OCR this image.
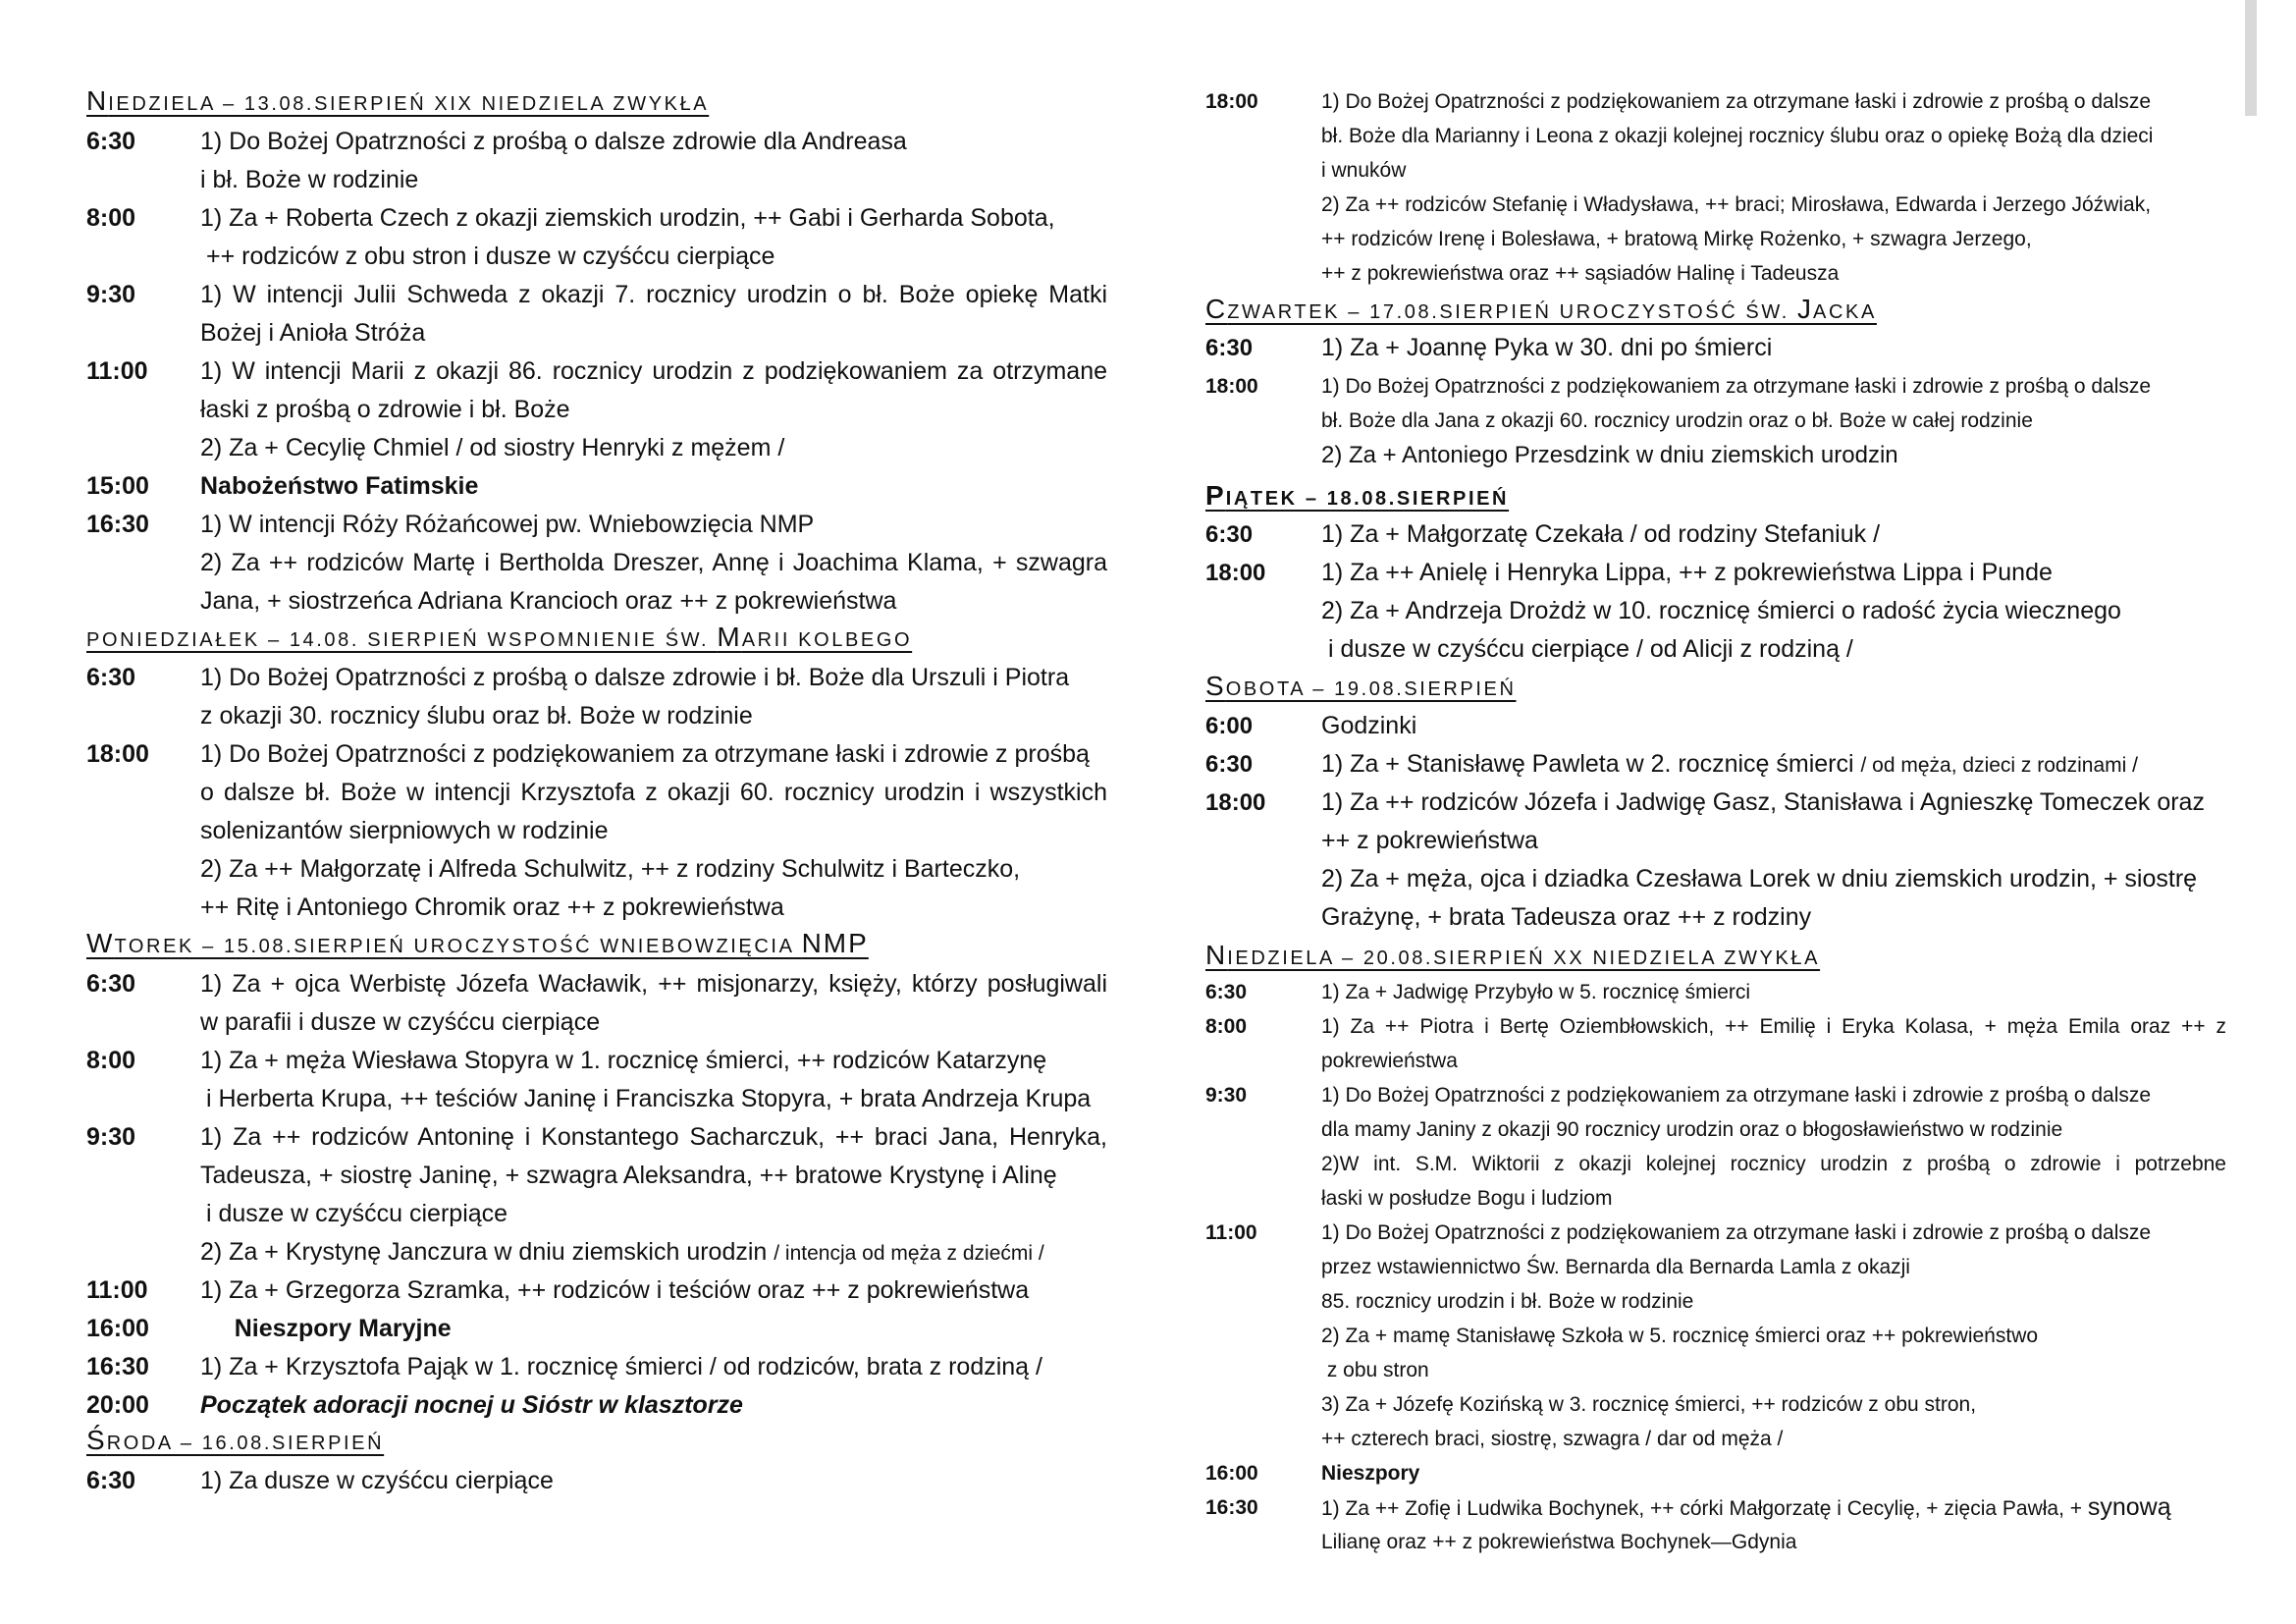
NIEDZIELA – 13.08.SIERPIEŃ XIX NIEDZIELA ZWYKŁA
6:30	1) Do Bożej Opatrzności z prośbą o dalsze zdrowie dla Andreasa
i bł. Boże w rodzinie
8:00	1) Za + Roberta Czech z okazji ziemskich urodzin, ++ Gabi i Gerharda Sobota,
++ rodziców z obu stron i dusze w czyśćcu cierpiące
9:30	1) W intencji Julii Schweda z okazji 7. rocznicy urodzin o bł. Boże opiekę Matki
Bożej i Anioła Stróża
11:00 1) W intencji Marii z okazji 86. rocznicy urodzin z podziękowaniem za otrzymane
łaski z prośbą o zdrowie i bł. Boże
2) Za + Cecylię Chmiel / od siostry Henryki z mężem /
15:00 Nabożeństwo Fatimskie
16:30 1) W intencji Róży Różańcowej pw. Wniebowzięcia NMP
2) Za ++ rodziców Martę i Bertholda Dreszer, Annę i Joachima Klama, + szwagra
Jana, + siostrzeńca Adriana Krancioch oraz ++ z pokrewieństwa
PONIEDZIAŁEK – 14.08. SIERPIEŃ WSPOMNIENIE ŚW. MARII KOLBEGO
6:30	1) Do Bożej Opatrzności z prośbą o dalsze zdrowie i bł. Boże dla Urszuli i Piotra
z okazji 30. rocznicy ślubu oraz bł. Boże w rodzinie
18:00 1) Do Bożej Opatrzności z podziękowaniem za otrzymane łaski i zdrowie z prośbą
o dalsze bł. Boże w intencji Krzysztofa z okazji 60. rocznicy urodzin i wszystkich
solenizantów sierpniowych w rodzinie
2) Za ++ Małgorzatę i Alfreda Schulwitz, ++ z rodziny Schulwitz i Barteczko,
++ Ritę i Antoniego Chromik oraz ++ z pokrewieństwa
WTOREK – 15.08.SIERPIEŃ UROCZYSTOŚĆ WNIEBOWZIĘCIA NMP
6:30	1) Za + ojca Werbistę Józefa Wacławik, ++ misjonarzy, księży, którzy posługiwali
w parafii i dusze w czyśćcu cierpiące
8:00	1) Za + męża Wiesława Stopyra w 1. rocznicę śmierci, ++ rodziców Katarzynę
i Herberta Krupa, ++ teściów Janinę i Franciszka Stopyra, + brata Andrzeja Krupa
9:30	1) Za ++ rodziców Antoninę i Konstantego Sacharczuk, ++ braci Jana, Henryka,
Tadeusza, + siostrę Janinę, + szwagra Aleksandra, ++ bratowe Krystynę i Alinę
i dusze w czyśćcu cierpiące
2) Za + Krystynę Janczura w dniu ziemskich urodzin / intencja od męża z dziećmi /
11:00 1) Za + Grzegorza Szramka, ++ rodziców i teściów oraz ++ z pokrewieństwa
16:00 Nieszpory Maryjne
16:30 1) Za + Krzysztofa Pająk w 1. rocznicę śmierci / od rodziców, brata z rodziną /
20:00 Początek adoracji nocnej u Sióstr w klasztorze
ŚRODA – 16.08.SIERPIEŃ
6:30	1) Za dusze w czyśćcu cierpiące
18:00	1) Do Bożej Opatrzności z podziękowaniem za otrzymane łaski i zdrowie z prośbą o dalsze
bł. Boże dla Marianny i Leona z okazji kolejnej rocznicy ślubu oraz o opiekę Bożą dla dzieci
i wnuków
2) Za ++ rodziców Stefanię i Władysława, ++ braci; Mirosława, Edwarda i Jerzego Jóźwiak,
++ rodziców Irenę i Bolesława, + bratową Mirkę Rożenko, + szwagra Jerzego,
++ z pokrewieństwa oraz ++ sąsiadów Halinę i Tadeusza
CZWARTEK – 17.08.SIERPIEŃ UROCZYSTOŚĆ ŚW. JACKA
6:30	1) Za + Joannę Pyka w 30. dni po śmierci
18:00	1) Do Bożej Opatrzności z podziękowaniem za otrzymane łaski i zdrowie z prośbą o dalsze
bł. Boże dla Jana z okazji 60. rocznicy urodzin oraz o bł. Boże w całej rodzinie
2) Za + Antoniego Przesdzink w dniu ziemskich urodzin
PIĄTEK – 18.08.SIERPIEŃ
6:30	1) Za + Małgorzatę Czekała / od rodziny Stefaniuk /
18:00 1) Za ++ Anielę i Henryka Lippa, ++ z pokrewieństwa Lippa i Punde
2) Za + Andrzeja Drożdż w 10. rocznicę śmierci o radość życia wiecznego
i dusze w czyśćcu cierpiące / od Alicji z rodziną /
SOBOTA – 19.08.SIERPIEŃ
6:00	Godzinki
6:30	1) Za + Stanisławę Pawleta w 2. rocznicę śmierci / od męża, dzieci z rodzinami /
18:00 1) Za ++ rodziców Józefa i Jadwigę Gasz, Stanisława i Agnieszkę Tomeczek oraz
++ z pokrewieństwa
2) Za + męża, ojca i dziadka Czesława Lorek w dniu ziemskich urodzin, + siostrę
Grażynę, + brata Tadeusza oraz ++ z rodziny
NIEDZIELA – 20.08.SIERPIEŃ XX NIEDZIELA ZWYKŁA
6:30	1) Za + Jadwigę Przybyło w 5. rocznicę śmierci
8:00	1) Za ++ Piotra i Bertę Oziembłowskich, ++ Emilię i Eryka Kolasa, + męża Emila oraz ++ z
pokrewieństwa
9:30	1) Do Bożej Opatrzności z podziękowaniem za otrzymane łaski i zdrowie z prośbą o dalsze
dla mamy Janiny z okazji 90 rocznicy urodzin oraz o błogosławieństwo w rodzinie
2)W int. S.M. Wiktorii z okazji kolejnej rocznicy urodzin z prośbą o zdrowie i potrzebne
łaski w posłudze Bogu i ludziom
11:00	1) Do Bożej Opatrzności z podziękowaniem za otrzymane łaski i zdrowie z prośbą o dalsze
przez wstawiennictwo Św. Bernarda dla Bernarda Lamla z okazji
85. rocznicy urodzin i bł. Boże w rodzinie
2) Za + mamę Stanisławę Szkoła w 5. rocznicę śmierci oraz ++ pokrewieństwo
z obu stron
3) Za + Józefę Kozińską w 3. rocznicę śmierci, ++ rodziców z obu stron,
++ czterech braci, siostrę, szwagra / dar od męża /
16:00	Nieszpory
16:30	1) Za ++ Zofię i Ludwika Bochynek, ++ córki Małgorzatę i Cecylię, + zięcia Pawła, + synową
Lilianę oraz ++ z pokrewieństwa Bochynek—Gdynia
